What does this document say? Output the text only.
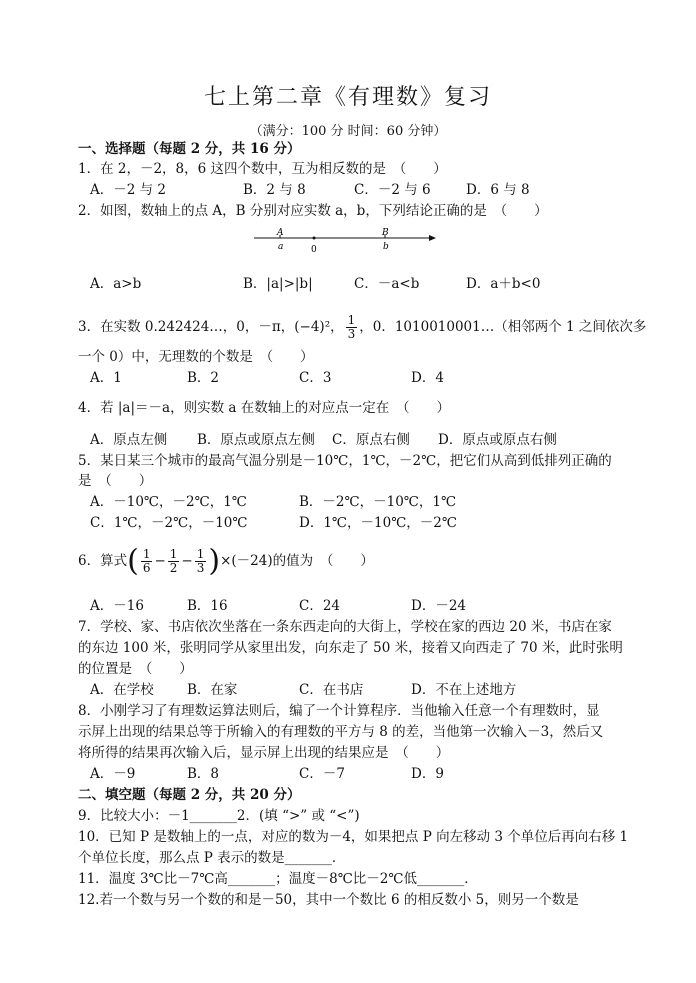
七上第二章《有理数》复习
（满分：100 分 时间：60 分钟）
一、选择题（每题 2 分，共 16 分）
1．在 2，－2，8，6 这四个数中，互为相反数的是　（　　）
A．－2 与 2	B．2 与 8	C．－2 与 6	D．6 与 8
2．如图，数轴上的点 A，B 分别对应实数 a，b，下列结论正确的是　（　　）
A
a	0
B
b
A．a>b	B．|a|>|b|	C．－a<b	D．a＋b<0
3．在实数 0.242424…，0，－π，(−4)²， $\frac{1}{3}$ ，0．1010010001…（相邻两个 1 之间依次多
一个 0）中，无理数的个数是　（　　）
A．1	B．2	C．3	D．4
4．若 |a|＝－a，则实数 a 在数轴上的对应点一定在　（　　）
A．原点左侧 B．原点或原点左侧 C．原点右侧 D．原点或原点右侧
5．某日某三个城市的最高气温分别是－10℃，1℃，－2℃，把它们从高到低排列正确的
是　（　　）
A．－10℃，－2℃，1℃	B．－2℃，－10℃，1℃
C．1℃，－2℃，－10℃	D．1℃，－10℃，－2℃
6．算式( $\frac{1}{6} - \frac{1}{2} - \frac{1}{3} )\times(-24)$的值为　（　　）
A．－16	B．16	C．24	D．－24
7．学校、家、书店依次坐落在一条东西走向的大街上，学校在家的西边 20 米，书店在家
的东边 100 米，张明同学从家里出发，向东走了 50 米，接着又向西走了 70 米，此时张明
的位置是　（　　）
A．在学校 B．在家	C．在书店	D．不在上述地方
8．小刚学习了有理数运算法则后，编了一个计算程序．当他输入任意一个有理数时，显
示屏上出现的结果总等于所输入的有理数的平方与 8 的差，当他第一次输入－3，然后又
将所得的结果再次输入后，显示屏上出现的结果应是　（　　）
A．－9	B．8	C．－7	D．9
二、填空题（每题 2 分，共 20 分）
9．比较大小：－1_______2．(填 “>” 或 “<”)
10．已知 P 是数轴上的一点，对应的数为－4，如果把点 P 向左移动 3 个单位后再向右移 1
个单位长度，那么点 P 表示的数是_______．
11．温度 3℃比－7℃高_______；温度－8℃比－2℃低_______．
12.若一个数与另一个数的和是－50，其中一个数比 6 的相反数小 5，则另一个数是
